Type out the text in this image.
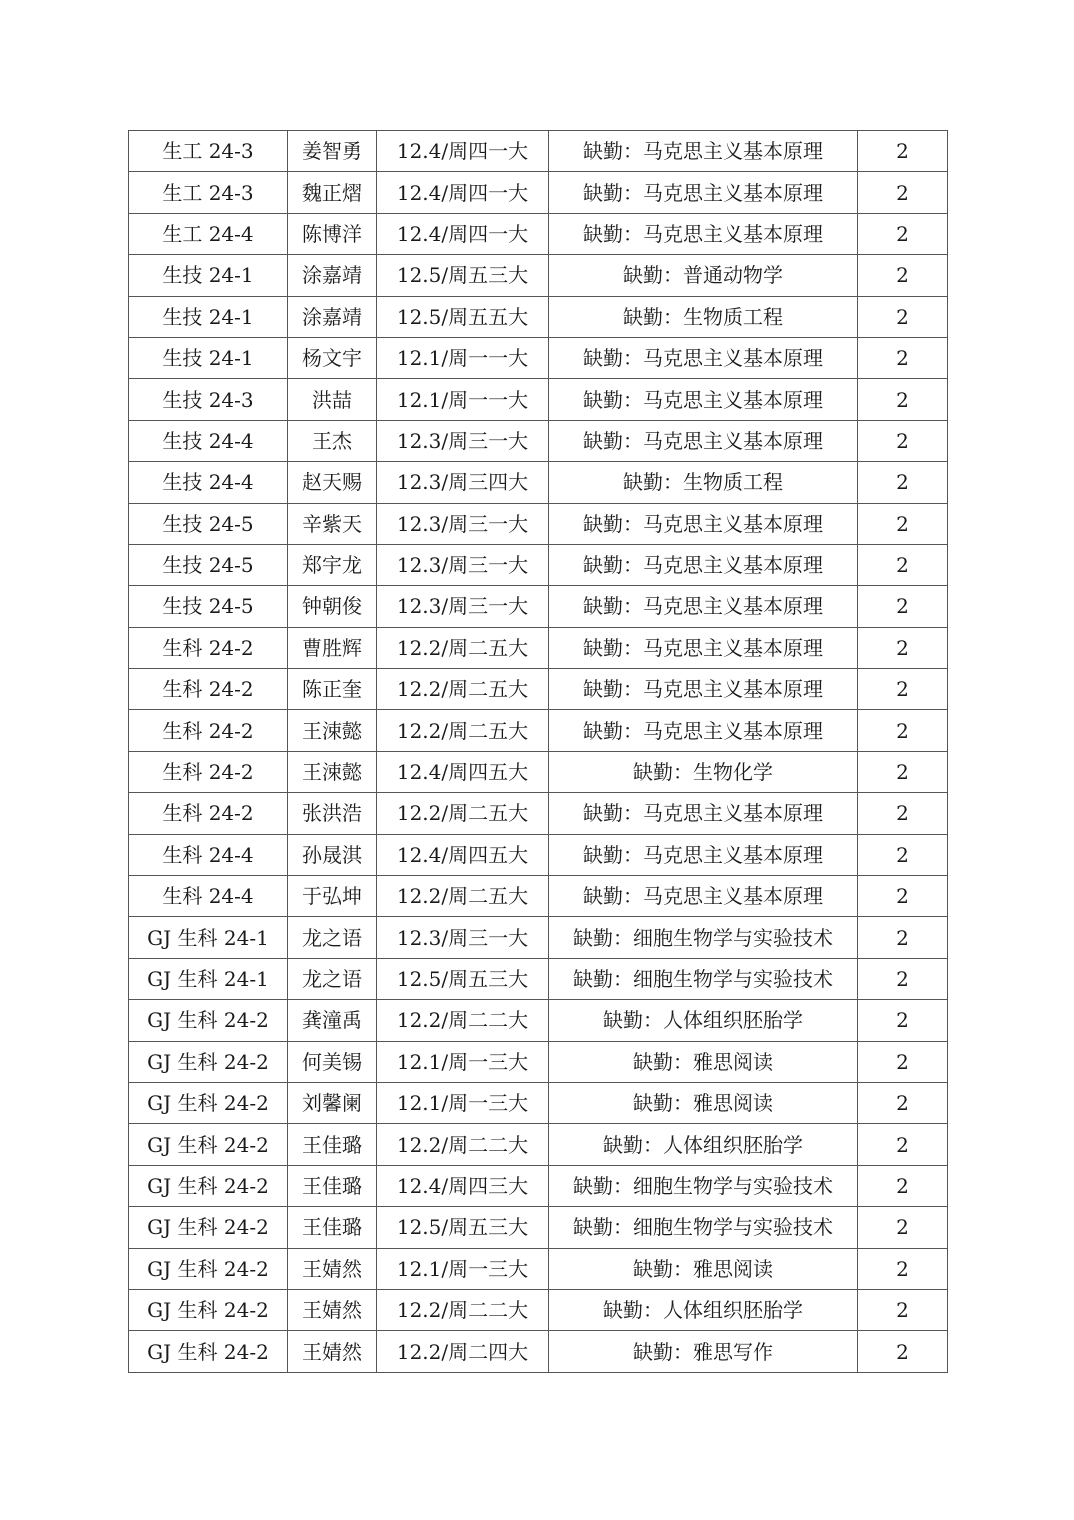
生工 24-3	姜智勇	12.4/周四一大	缺勤：马克思主义基本原理	2
生工 24-3	魏正熠	12.4/周四一大	缺勤：马克思主义基本原理	2
生工 24-4	陈博洋	12.4/周四一大	缺勤：马克思主义基本原理	2
生技 24-1	涂嘉靖	12.5/周五三大	缺勤：普通动物学	2
生技 24-1	涂嘉靖	12.5/周五五大	缺勤：生物质工程	2
生技 24-1	杨文宇	12.1/周一一大	缺勤：马克思主义基本原理	2
生技 24-3	洪喆	12.1/周一一大	缺勤：马克思主义基本原理	2
生技 24-4	王杰	12.3/周三一大	缺勤：马克思主义基本原理	2
生技 24-4	赵天赐	12.3/周三四大	缺勤：生物质工程	2
生技 24-5	辛紫天	12.3/周三一大	缺勤：马克思主义基本原理	2
生技 24-5	郑宇龙	12.3/周三一大	缺勤：马克思主义基本原理	2
生技 24-5	钟朝俊	12.3/周三一大	缺勤：马克思主义基本原理	2
生科 24-2	曹胜辉	12.2/周二五大	缺勤：马克思主义基本原理	2
生科 24-2	陈正奎	12.2/周二五大	缺勤：马克思主义基本原理	2
生科 24-2	王涑懿	12.2/周二五大	缺勤：马克思主义基本原理	2
生科 24-2	王涑懿	12.4/周四五大	缺勤：生物化学	2
生科 24-2	张洪浩	12.2/周二五大	缺勤：马克思主义基本原理	2
生科 24-4	孙晟淇	12.4/周四五大	缺勤：马克思主义基本原理	2
生科 24-4	于弘坤	12.2/周二五大	缺勤：马克思主义基本原理	2
GJ 生科 24-1	龙之语	12.3/周三一大	缺勤：细胞生物学与实验技术	2
GJ 生科 24-1	龙之语	12.5/周五三大	缺勤：细胞生物学与实验技术	2
GJ 生科 24-2	龚潼禹	12.2/周二二大	缺勤：人体组织胚胎学	2
GJ 生科 24-2	何美锡	12.1/周一三大	缺勤：雅思阅读	2
GJ 生科 24-2	刘馨阑	12.1/周一三大	缺勤：雅思阅读	2
GJ 生科 24-2	王佳璐	12.2/周二二大	缺勤：人体组织胚胎学	2
GJ 生科 24-2	王佳璐	12.4/周四三大	缺勤：细胞生物学与实验技术	2
GJ 生科 24-2	王佳璐	12.5/周五三大	缺勤：细胞生物学与实验技术	2
GJ 生科 24-2	王婧然	12.1/周一三大	缺勤：雅思阅读	2
GJ 生科 24-2	王婧然	12.2/周二二大	缺勤：人体组织胚胎学	2
GJ 生科 24-2	王婧然	12.2/周二四大	缺勤：雅思写作	2
